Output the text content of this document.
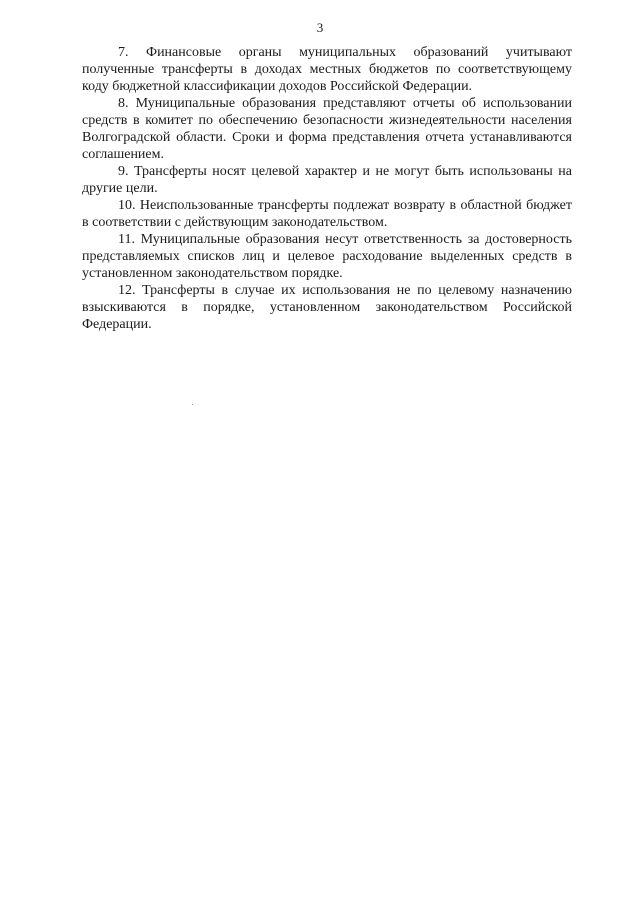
3

7. Финансовые органы муниципальных образований учитывают полученные трансферты в доходах местных бюджетов по соответствующему коду бюджетной классификации доходов Российской Федерации.

8. Муниципальные образования представляют отчеты об использовании средств в комитет по обеспечению безопасности жизнедеятельности населения Волгоградской области. Сроки и форма представления отчета устанавливаются соглашением.

9. Трансферты носят целевой характер и не могут быть использованы на другие цели.

10. Неиспользованные трансферты подлежат возврату в областной бюджет в соответствии с действующим законодательством.

11. Муниципальные образования несут ответственность за достоверность представляемых списков лиц и целевое расходование выделенных средств в установленном законодательством порядке.

12. Трансферты в случае их использования не по целевому назначению взыскиваются в порядке, установленном законодательством Российской Федерации.
